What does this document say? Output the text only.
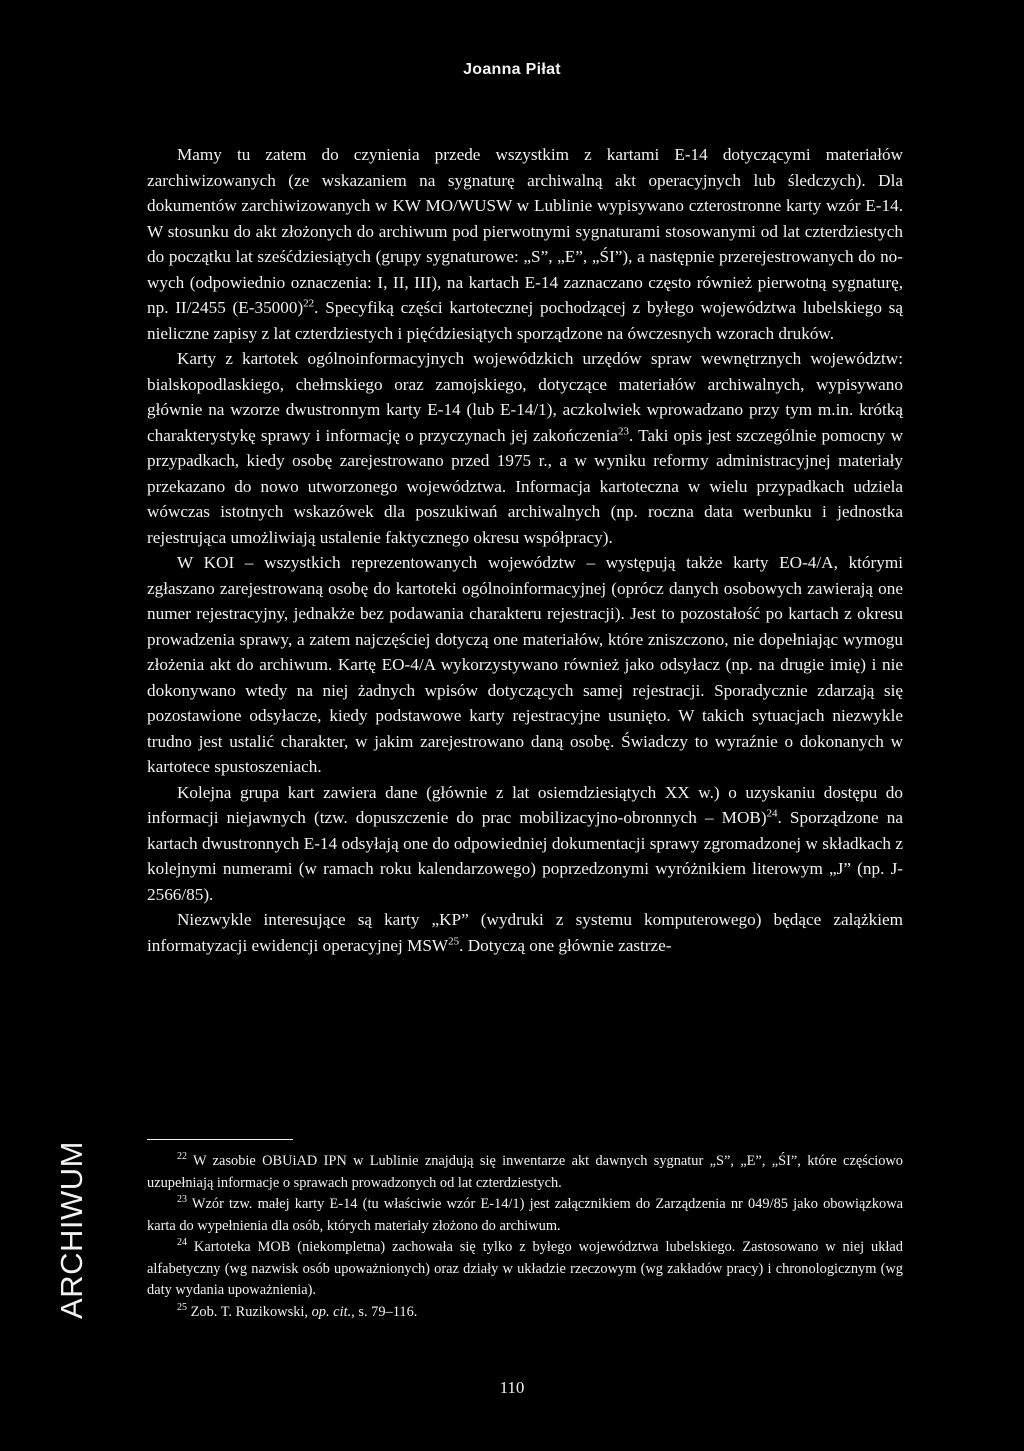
Joanna Piłat

Mamy tu zatem do czynienia przede wszystkim z kartami E-14 dotyczącymi materiałów zarchiwizowanych (ze wskazaniem na sygnaturę archiwalną akt operacyjnych lub śledczych). Dla dokumentów zarchiwizowanych w KW MO/WUSW w Lublinie wypisywano czterostronne karty wzór E-14. W stosunku do akt złożonych do archiwum pod pierwotnymi sygnaturami stosowanymi od lat czterdziestych do początku lat sześćdziesiątych (grupy sygnaturowe: „S”, „E”, „ŚI”), a następnie przerejestrowanych do nowych (odpowiednio oznaczenia: I, II, III), na kartach E-14 zaznaczano często również pierwotną sygnaturę, np. II/2455 $(E-35000)^{22}$. Specyfiką części kartotecznej pochodzącej z byłego województwa lubelskiego są nieliczne zapisy z lat czterdziestych i pięćdziesiątych sporządzone na ówczesnych wzorach druków.

Karty z kartotek ogólnoinformacyjnych wojewódzkich urzędów spraw wewnętrznych województw: bialskopodlaskiego, chełmskiego oraz zamojskiego, dotyczące materiałów archiwalnych, wypisywano głównie na wzorze dwustronnym karty E-14 (lub E-14/1), aczkolwiek wprowadzano przy tym m.in. krótką charakterystykę sprawy i informację o przyczynach jej zakończenia$^{23}$. Taki opis jest szczególnie pomocny w przypadkach, kiedy osobę zarejestrowano przed 1975 r., a w wyniku reformy administracyjnej materiały przekazano do nowo utworzonego województwa. Informacja kartoteczna w wielu przypadkach udziela wówczas istotnych wskazówek dla poszukiwań archiwalnych (np. roczna data werbunku i jednostka rejestrująca umożliwiają ustalenie faktycznego okresu współpracy).

W KOI – wszystkich reprezentowanych województw – występują także karty EO-4/A, którymi zgłaszano zarejestrowaną osobę do kartoteki ogólnoinformacyjnej (oprócz danych osobowych zawierają one numer rejestracyjny, jednakże bez podawania charakteru rejestracji). Jest to pozostałość po kartach z okresu prowadzenia sprawy, a zatem najczęściej dotyczą one materiałów, które zniszczono, nie dopełniając wymogu złożenia akt do archiwum. Kartę EO-4/A wykorzystywano również jako odsyłacz (np. na drugie imię) i nie dokonywano wtedy na niej żadnych wpisów dotyczących samej rejestracji. Sporadycznie zdarzają się pozostawione odsyłacze, kiedy podstawowe karty rejestracyjne usunięto. W takich sytuacjach niezwykle trudno jest ustalić charakter, w jakim zarejestrowano daną osobę. Świadczy to wyraźnie o dokonanych w kartotece spustoszeniach.

Kolejna grupa kart zawiera dane (głównie z lat osiemdziesiątych XX w.) o uzyskaniu dostępu do informacji niejawnych (tzw. dopuszczenie do prac mobilizacyjno-obronnych – MOB)$^{24}$. Sporządzone na kartach dwustronnych E-14 odsyłają one do odpowiedniej dokumentacji sprawy zgromadzonej w składkach z kolejnymi numerami (w ramach roku kalendarzowego) poprzedzonymi wyróżnikiem literowym „J” (np. J-2566/85).

Niezwykle interesujące są karty „KP” (wydruki z systemu komputerowego) będące zalążkiem informatyzacji ewidencji operacyjnej MSW$^{25}$. Dotyczą one głównie zastrze-

$^{22}$ W zasobie OBUiAD IPN w Lublinie znajdują się inwentarze akt dawnych sygnatur „S”, „E”, „ŚI”, które częściowo uzupełniają informacje o sprawach prowadzonych od lat czterdziestych.

$^{23}$ Wzór tzw. małej karty E-14 (tu właściwie wzór E-14/1) jest załącznikiem do Zarządzenia nr 049/85 jako obowiązkowa karta do wypełnienia dla osób, których materiały złożono do archiwum.

$^{24}$ Kartoteka MOB (niekompletna) zachowała się tylko z byłego województwa lubelskiego. Zastosowano w niej układ alfabetyczny (wg nazwisk osób upoważnionych) oraz działy w układzie rzeczowym (wg zakładów pracy) i chronologicznym (wg daty wydania upoważnienia).

$^{25}$ Zob. T. Ruzikowski, op. cit., s. 79–116.

ARCHIWUM
110
